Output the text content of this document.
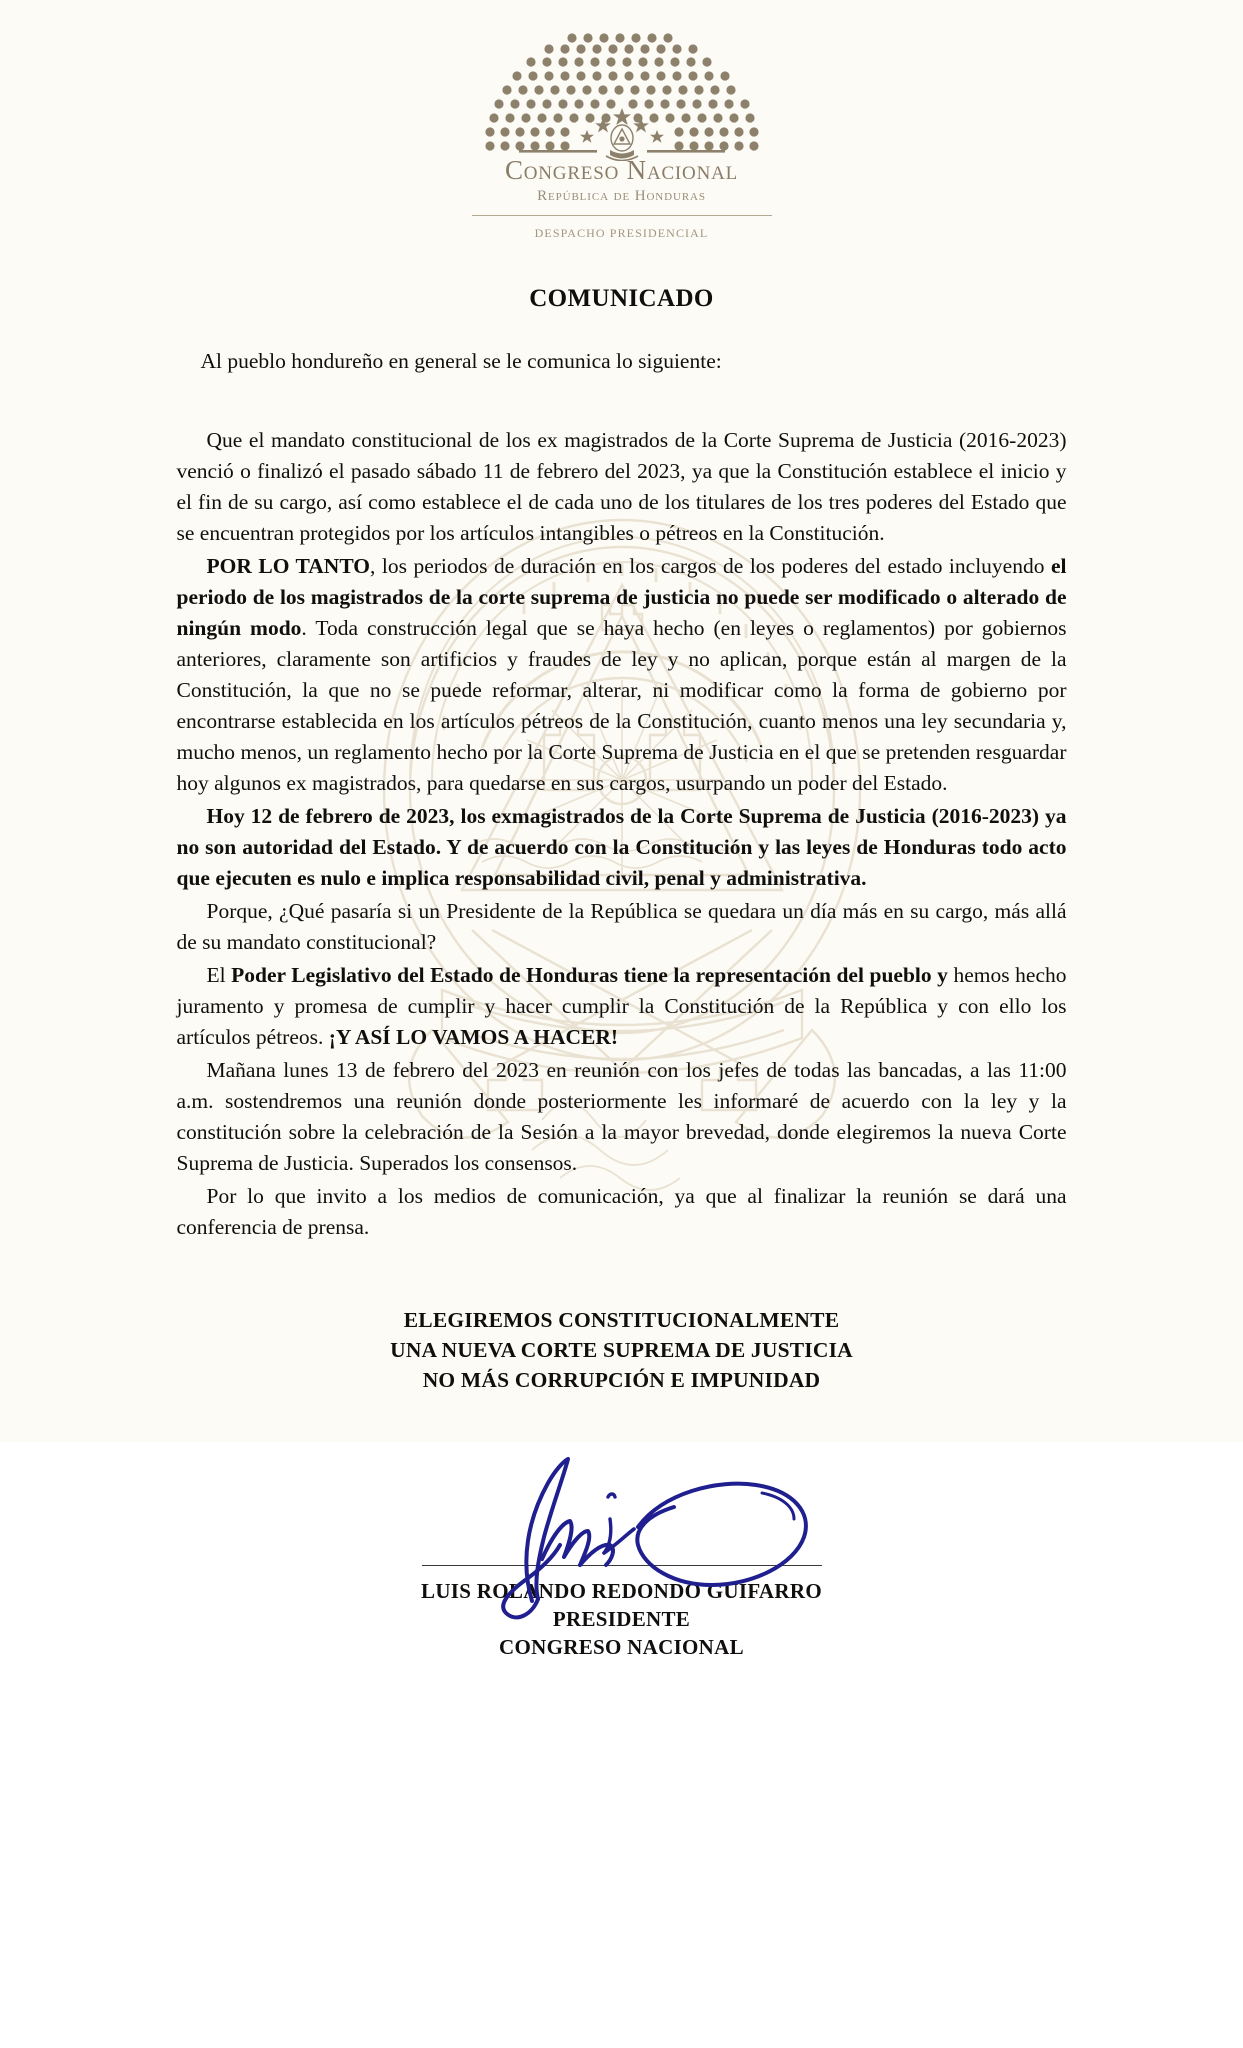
Congreso Nacional
República de Honduras
DESPACHO PRESIDENCIAL
COMUNICADO
Al pueblo hondureño en general se le comunica lo siguiente:

Que el mandato constitucional de los ex magistrados de la Corte Suprema de Justicia (2016-2023) venció o finalizó el pasado sábado 11 de febrero del 2023, ya que la Constitución establece el inicio y el fin de su cargo, así como establece el de cada uno de los titulares de los tres poderes del Estado que se encuentran protegidos por los artículos intangibles o pétreos en la Constitución.

POR LO TANTO, los periodos de duración en los cargos de los poderes del estado incluyendo el periodo de los magistrados de la corte suprema de justicia no puede ser modificado o alterado de ningún modo. Toda construcción legal que se haya hecho (en leyes o reglamentos) por gobiernos anteriores, claramente son artificios y fraudes de ley y no aplican, porque están al margen de la Constitución, la que no se puede reformar, alterar, ni modificar como la forma de gobierno por encontrarse establecida en los artículos pétreos de la Constitución, cuanto menos una ley secundaria y, mucho menos, un reglamento hecho por la Corte Suprema de Justicia en el que se pretenden resguardar hoy algunos ex magistrados, para quedarse en sus cargos, usurpando un poder del Estado.

Hoy 12 de febrero de 2023, los exmagistrados de la Corte Suprema de Justicia (2016-2023) ya no son autoridad del Estado. Y de acuerdo con la Constitución y las leyes de Honduras todo acto que ejecuten es nulo e implica responsabilidad civil, penal y administrativa.

Porque, ¿Qué pasaría si un Presidente de la República se quedara un día más en su cargo, más allá de su mandato constitucional?

El Poder Legislativo del Estado de Honduras tiene la representación del pueblo y hemos hecho juramento y promesa de cumplir y hacer cumplir la Constitución de la República y con ello los artículos pétreos. ¡Y ASÍ LO VAMOS A HACER!

Mañana lunes 13 de febrero del 2023 en reunión con los jefes de todas las bancadas, a las 11:00 a.m. sostendremos una reunión donde posteriormente les informaré de acuerdo con la ley y la constitución sobre la celebración de la Sesión a la mayor brevedad, donde elegiremos la nueva Corte Suprema de Justicia. Superados los consensos.

Por lo que invito a los medios de comunicación, ya que al finalizar la reunión se dará una conferencia de prensa.

ELEGIREMOS CONSTITUCIONALMENTE
UNA NUEVA CORTE SUPREMA DE JUSTICIA
NO MÁS CORRUPCIÓN E IMPUNIDAD
LUIS ROLANDO REDONDO GUIFARRO
PRESIDENTE
CONGRESO NACIONAL
